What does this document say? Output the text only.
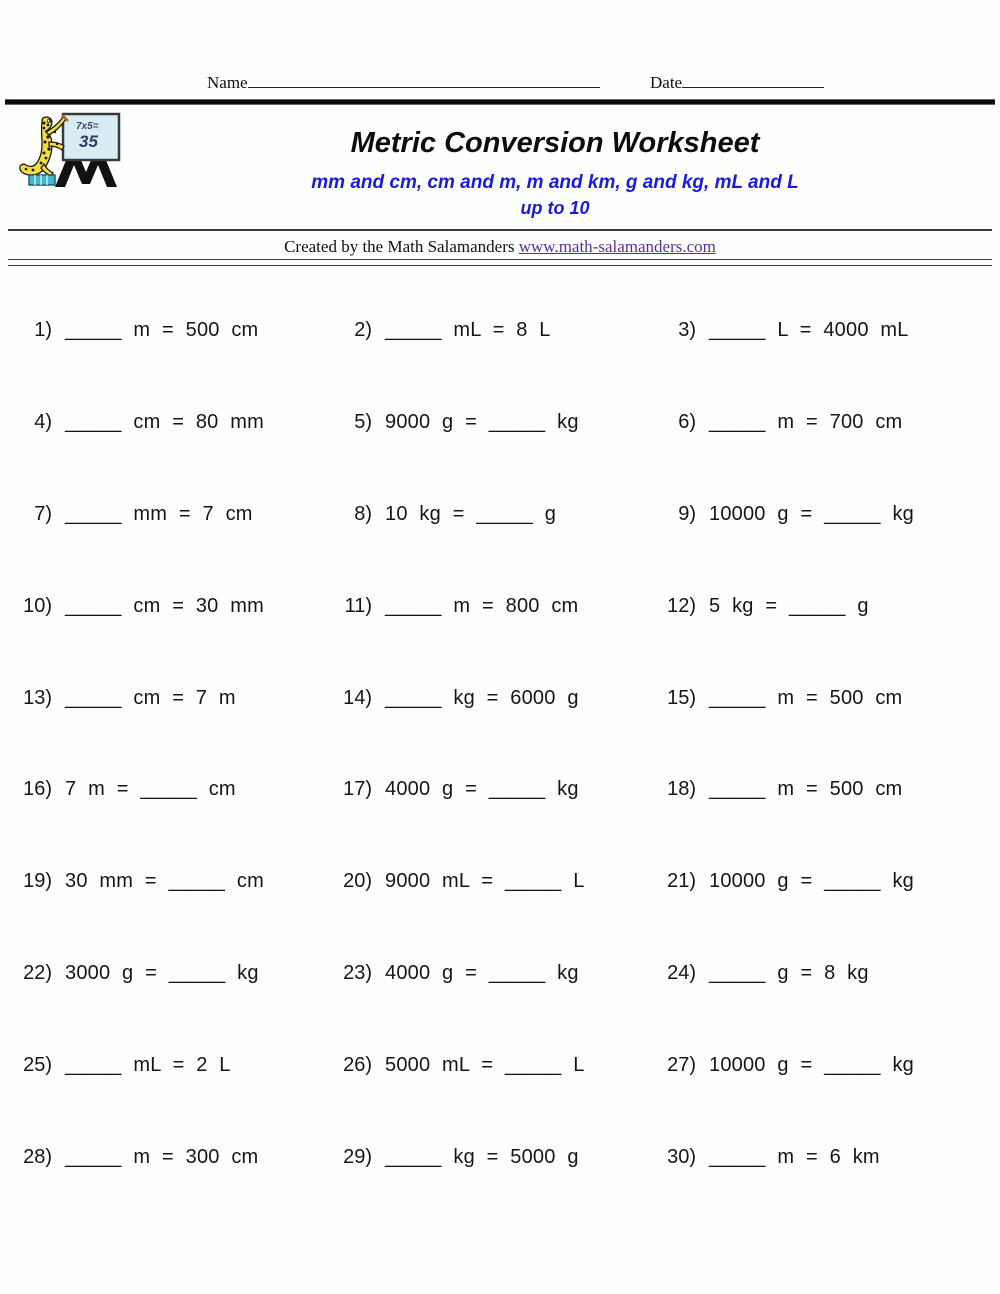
Name	Date
7x5=
35	Metric Conversion Worksheet
mm and cm, cm and m, m and km, g and kg, mL and L
up to 10
Created by the Math Salamanders www.math-salamanders.com
1) _____ m = 500 cm	2) _____ mL = 8 L	3) _____ L = 4000 mL
4) _____ cm = 80 mm	5) 9000 g = _____ kg	6) _____ m = 700 cm
7) _____ mm = 7 cm	8) 10 kg = _____ g	9) 10000 g = _____ kg
10) _____ cm = 30 mm	11) _____ m = 800 cm	12) 5 kg = _____ g
13) _____ cm = 7 m	14) _____ kg = 6000 g	15) _____ m = 500 cm
16) 7 m = _____ cm	17) 4000 g = _____ kg	18) _____ m = 500 cm
19) 30 mm = _____ cm	20) 9000 mL = _____ L	21) 10000 g = _____ kg
22) 3000 g = _____ kg	23) 4000 g = _____ kg	24) _____ g = 8 kg
25) _____ mL = 2 L	26) 5000 mL = _____ L	27) 10000 g = _____ kg
28) _____ m = 300 cm	29) _____ kg = 5000 g	30) _____ m = 6 km
